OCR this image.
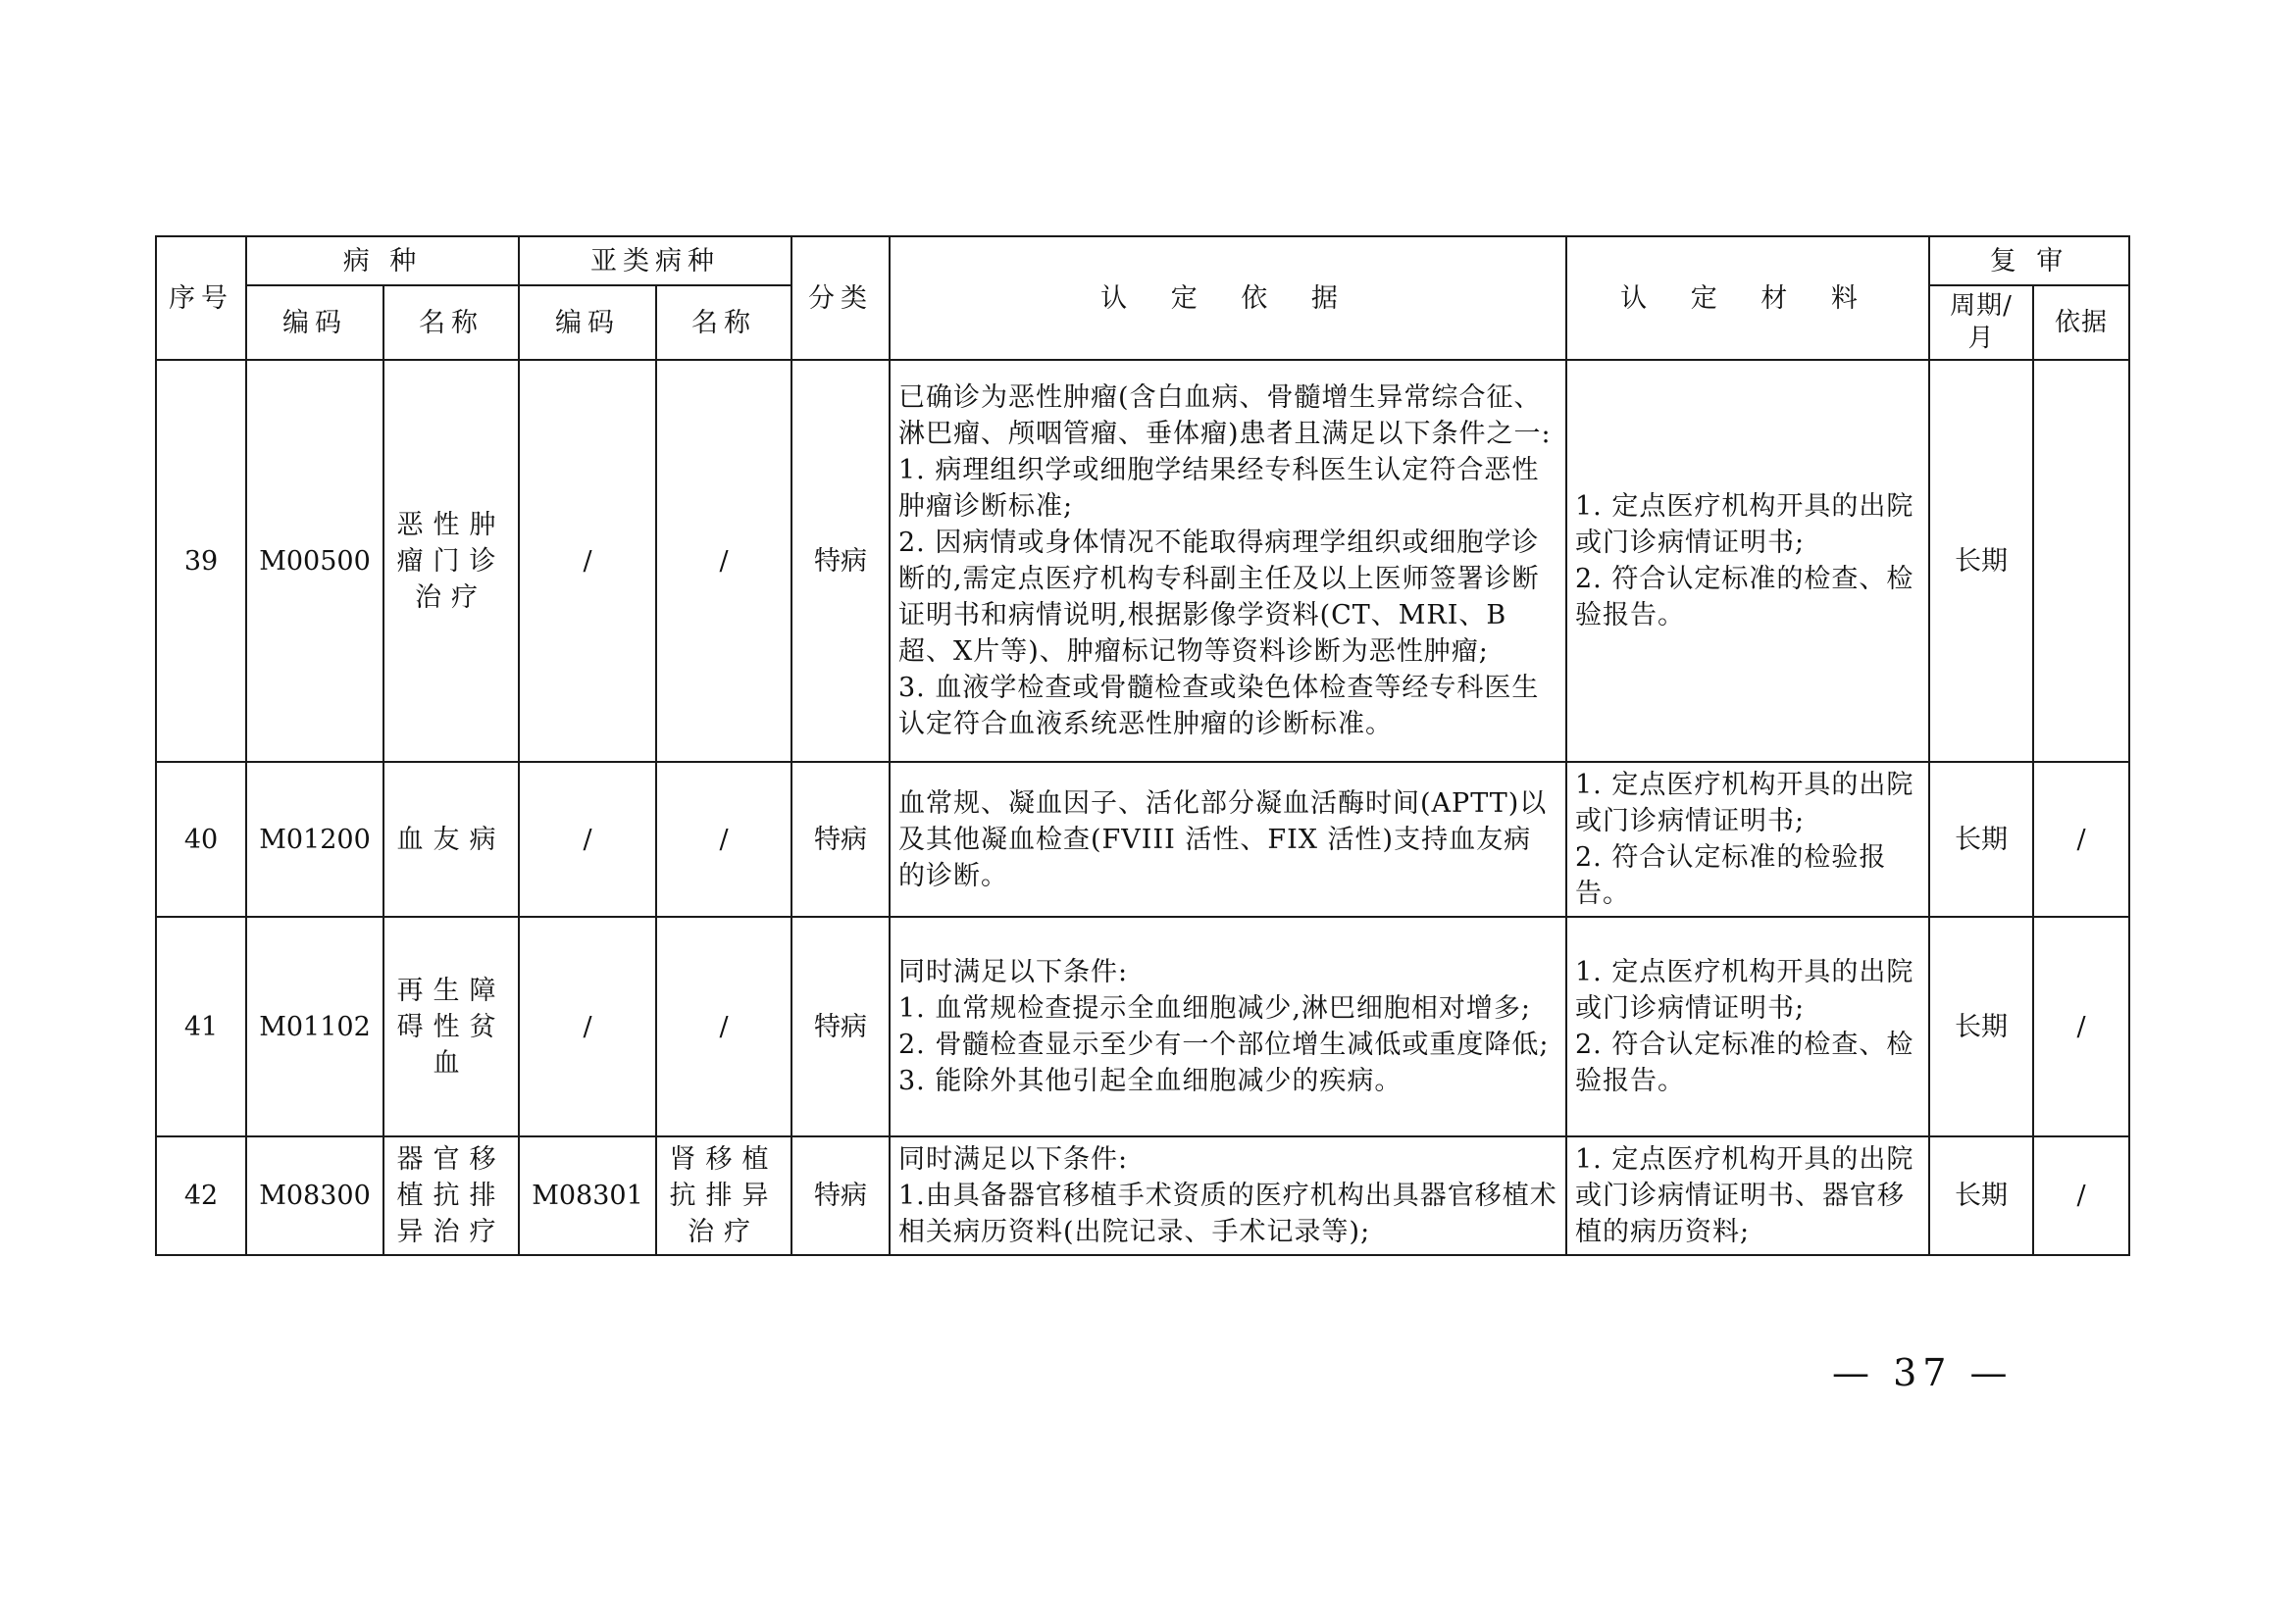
序号	病 种		亚类病种		分类	认 定 依 据	认 定 材 料	复 审	
	编码	名称	编码	名称				周期/月	依据
39	M00500	恶性肿瘤门诊治疗	/	/	特病	已确诊为恶性肿瘤(含白血病、骨髓增生异常综合征、淋巴瘤、颅咽管瘤、垂体瘤)患者且满足以下条件之一:
1. 病理组织学或细胞学结果经专科医生认定符合恶性肿瘤诊断标准;
2. 因病情或身体情况不能取得病理学组织或细胞学诊断的,需定点医疗机构专科副主任及以上医师签署诊断证明书和病情说明,根据影像学资料(CT、MRI、B超、X片等)、肿瘤标记物等资料诊断为恶性肿瘤;
3. 血液学检查或骨髓检查或染色体检查等经专科医生认定符合血液系统恶性肿瘤的诊断标准。	1. 定点医疗机构开具的出院或门诊病情证明书;
2. 符合认定标准的检查、检验报告。	长期	
40	M01200	血友病	/	/	特病	血常规、凝血因子、活化部分凝血活酶时间(APTT)以及其他凝血检查(FVIII 活性、FIX 活性)支持血友病的诊断。	1. 定点医疗机构开具的出院或门诊病情证明书;
2. 符合认定标准的检验报告。	长期	/
41	M01102	再生障碍性贫血	/	/	特病	同时满足以下条件:
1. 血常规检查提示全血细胞减少,淋巴细胞相对增多;
2. 骨髓检查显示至少有一个部位增生减低或重度降低;
3. 能除外其他引起全血细胞减少的疾病。	1. 定点医疗机构开具的出院或门诊病情证明书;
2. 符合认定标准的检查、检验报告。	长期	/
42	M08300	器官移植抗排异治疗	M08301	肾移植抗排异治疗	特病	同时满足以下条件:
1.由具备器官移植手术资质的医疗机构出具器官移植术相关病历资料(出院记录、手术记录等);	1. 定点医疗机构开具的出院或门诊病情证明书、器官移植的病历资料;	长期	/
— 37 —
